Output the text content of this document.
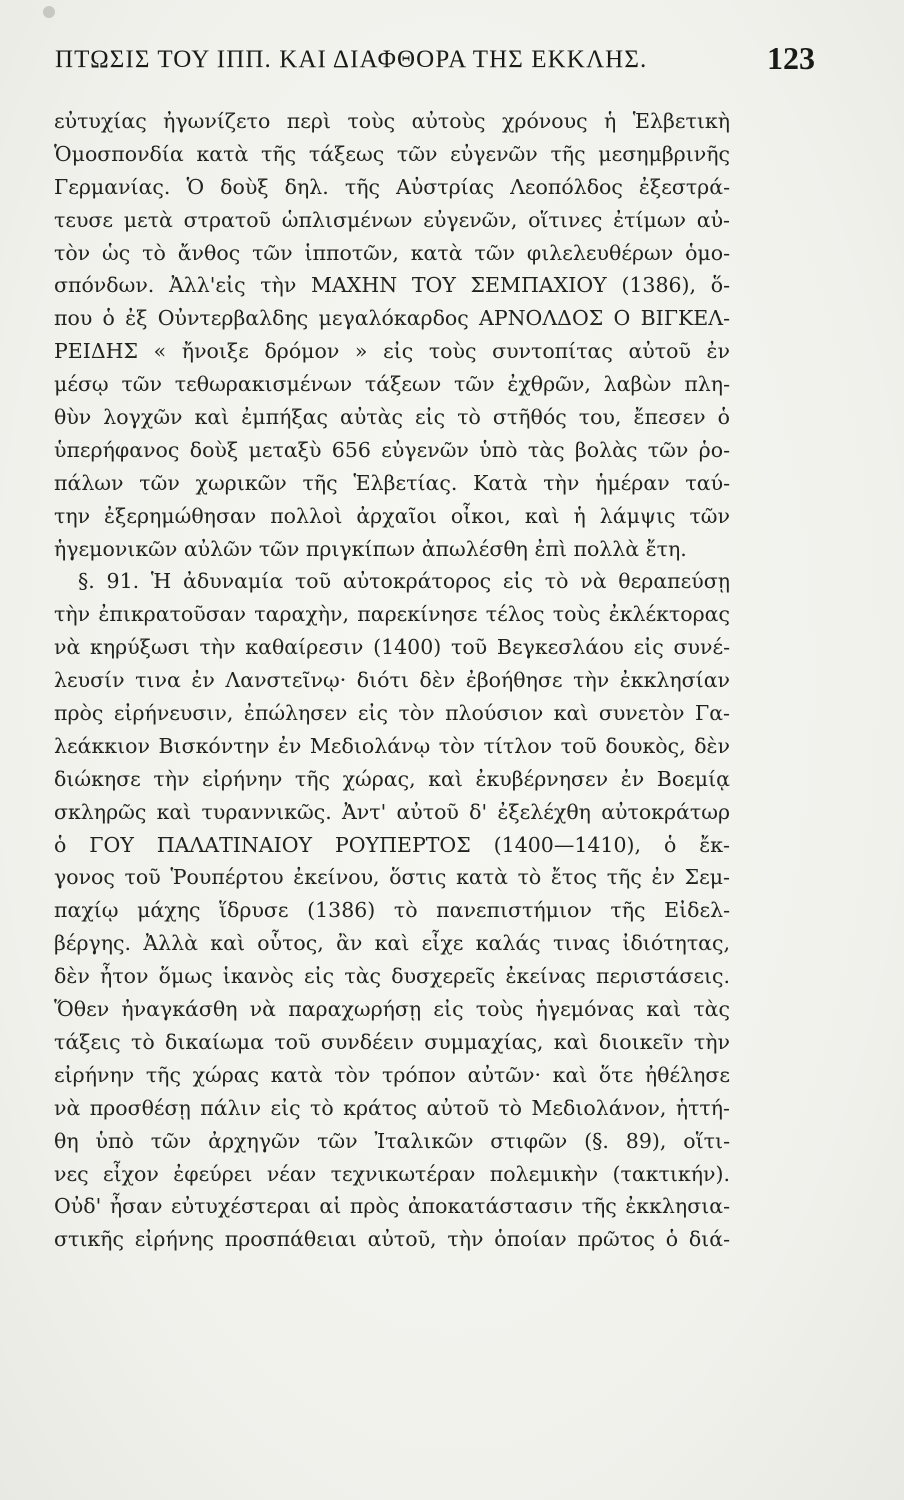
ΠΤΩΣΙΣ ΤΟΥ ΙΠΠ. ΚΑΙ ΔΙΑΦΘΟΡΑ ΤΗΣ ΕΚΚΛΗΣ.	123
εὐτυχίας ἠγωνίζετο περὶ τοὺς αὐτοὺς χρόνους ἡ Ἑλβετικὴ
Ὁμοσπονδία κατὰ τῆς τάξεως τῶν εὐγενῶν τῆς μεσημβρινῆς
Γερμανίας. Ὁ δοὺξ δηλ. τῆς Αὐστρίας Λεοπόλδος ἐξεστρά-
τευσε μετὰ στρατοῦ ὡπλισμένων εὐγενῶν, οἵτινες ἐτίμων αὐ-
τὸν ὡς τὸ ἄνθος τῶν ἱπποτῶν, κατὰ τῶν φιλελευθέρων ὁμο-
σπόνδων. Ἀλλ'εἰς τὴν ΜΑΧΗΝ ΤΟΥ ΣΕΜΠΑΧΙΟΥ (1386), ὅ-
που ὁ ἐξ Οὐντερβαλδης μεγαλόκαρδος ΑΡΝΟΛΔΟΣ Ο ΒΙΓΚΕΛ-
ΡΕΙΔΗΣ « ἤνοιξε δρόμον » εἰς τοὺς συντοπίτας αὐτοῦ ἐν
μέσῳ τῶν τεθωρακισμένων τάξεων τῶν ἐχθρῶν, λαβὼν πλη-
θὺν λογχῶν καὶ ἐμπήξας αὐτὰς εἰς τὸ στῆθός του, ἔπεσεν ὁ
ὑπερήφανος δοὺξ μεταξὺ 656 εὐγενῶν ὑπὸ τὰς βολὰς τῶν ῥο-
πάλων τῶν χωρικῶν τῆς Ἑλβετίας. Κατὰ τὴν ἡμέραν ταύ-
την ἐξερημώθησαν πολλοὶ ἀρχαῖοι οἶκοι, καὶ ἡ λάμψις τῶν
ἡγεμονικῶν αὐλῶν τῶν πριγκίπων ἀπωλέσθη ἐπὶ πολλὰ ἔτη.
§. 91. Ἡ ἀδυναμία τοῦ αὐτοκράτορος εἰς τὸ νὰ θεραπεύσῃ
τὴν ἐπικρατοῦσαν ταραχὴν, παρεκίνησε τέλος τοὺς ἐκλέκτορας
νὰ κηρύξωσι τὴν καθαίρεσιν (1400) τοῦ Βεγκεσλάου εἰς συνέ-
λευσίν τινα ἐν Λανστεῖνῳ· διότι δὲν ἐβοήθησε τὴν ἐκκλησίαν
πρὸς εἰρήνευσιν, ἐπώλησεν εἰς τὸν πλούσιον καὶ συνετὸν Γα-
λεάκκιον Βισκόντην ἐν Μεδιολάνῳ τὸν τίτλον τοῦ δουκὸς, δὲν
διώκησε τὴν εἰρήνην τῆς χώρας, καὶ ἐκυβέρνησεν ἐν Βοεμίᾳ
σκληρῶς καὶ τυραννικῶς. Ἀντ' αὐτοῦ δ' ἐξελέχθη αὐτοκράτωρ
ὁ ΓΟΥ ΠΑΛΑΤΙΝΑΙΟΥ ΡΟΥΠΕΡΤΟΣ (1400—1410), ὁ ἔκ-
γονος τοῦ Ῥουπέρτου ἐκείνου, ὅστις κατὰ τὸ ἔτος τῆς ἐν Σεμ-
παχίῳ μάχης ἵδρυσε (1386) τὸ πανεπιστήμιον τῆς Εἰδελ-
βέργης. Ἀλλὰ καὶ οὗτος, ἂν καὶ εἶχε καλάς τινας ἰδιότητας,
δὲν ἦτον ὅμως ἱκανὸς εἰς τὰς δυσχερεῖς ἐκείνας περιστάσεις.
Ὅθεν ἠναγκάσθη νὰ παραχωρήσῃ εἰς τοὺς ἡγεμόνας καὶ τὰς
τάξεις τὸ δικαίωμα τοῦ συνδέειν συμμαχίας, καὶ διοικεῖν τὴν
εἰρήνην τῆς χώρας κατὰ τὸν τρόπον αὐτῶν· καὶ ὅτε ἠθέλησε
νὰ προσθέσῃ πάλιν εἰς τὸ κράτος αὐτοῦ τὸ Μεδιολάνον, ἡττή-
θη ὑπὸ τῶν ἀρχηγῶν τῶν Ἰταλικῶν στιφῶν (§. 89), οἵτι-
νες εἶχον ἐφεύρει νέαν τεχνικωτέραν πολεμικὴν (τακτικήν).
Οὐδ' ἦσαν εὐτυχέστεραι αἱ πρὸς ἀποκατάστασιν τῆς ἐκκλησια-
στικῆς εἰρήνης προσπάθειαι αὐτοῦ, τὴν ὁποίαν πρῶτος ὁ διά-
